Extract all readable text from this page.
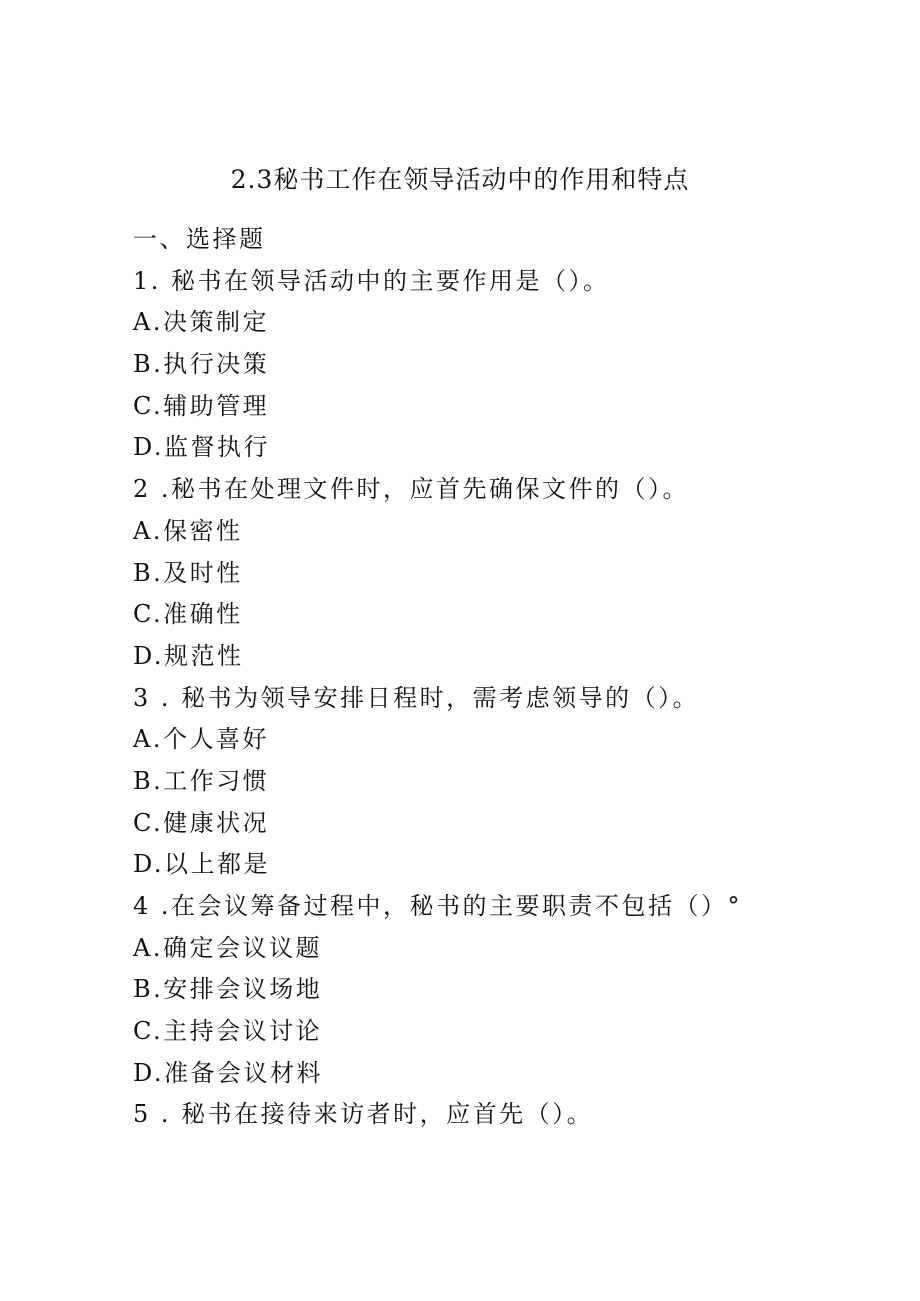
2.3秘书工作在领导活动中的作用和特点
一、选择题
1. 秘书在领导活动中的主要作用是（）。
A.决策制定
B.执行决策
C.辅助管理
D.监督执行
2 .秘书在处理文件时，应首先确保文件的（）。
A.保密性
B.及时性
C.准确性
D.规范性
3 . 秘书为领导安排日程时，需考虑领导的（）。
A.个人喜好
B.工作习惯
C.健康状况
D.以上都是
4 .在会议筹备过程中，秘书的主要职责不包括（）°
A.确定会议议题
B.安排会议场地
C.主持会议讨论
D.准备会议材料
5 . 秘书在接待来访者时，应首先（）。
